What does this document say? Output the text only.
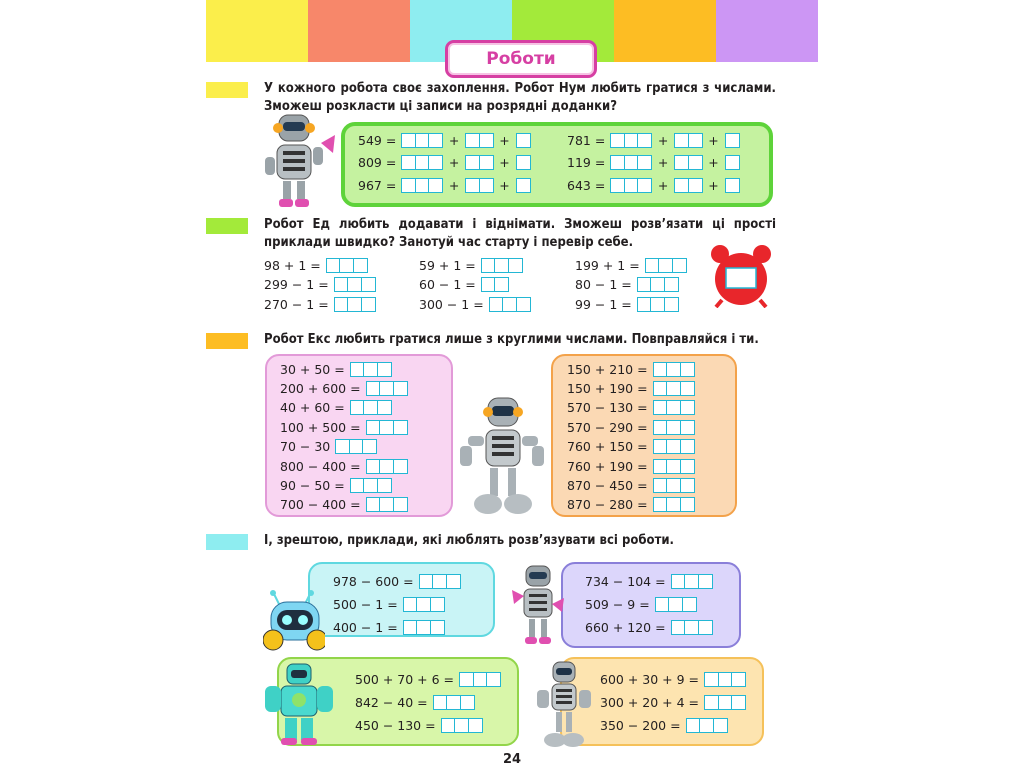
Роботи
У кожного робота своє захоплення. Робот Нум любить гратися з числами. Зможеш розкласти ці записи на розрядні доданки?
549 =	+	+
809 =	+	+
967 =	+	+
781 =	+	+
119 =	+	+
643 =	+	+
Робот Ед любить додавати і віднімати. Зможеш розв’язати ці прості приклади швидко? Занотуй час старту і перевір себе.
98 + 1 =
299 − 1 =
270 − 1 =
59 + 1 =
60 − 1 =
300 − 1 =
199 + 1 =
80 − 1 =
99 − 1 =
Робот Екс любить гратися лише з круглими числами. Повправляйся і ти.
30 + 50 =
200 + 600 =
40 + 60 =
100 + 500 =
70 − 30
800 − 400 =
90 − 50 =
700 − 400 =
150 + 210 =
150 + 190 =
570 − 130 =
570 − 290 =
760 + 150 =
760 + 190 =
870 − 450 =
870 − 280 =
І, зрештою, приклади, які люблять розв’язувати всі роботи.
978 − 600 =
500 − 1 =
400 − 1 =
734 − 104 =
509 − 9 =
660 + 120 =
500 + 70 + 6 =
842 − 40 =
450 − 130 =
600 + 30 + 9 =
300 + 20 + 4 =
350 − 200 =
24
